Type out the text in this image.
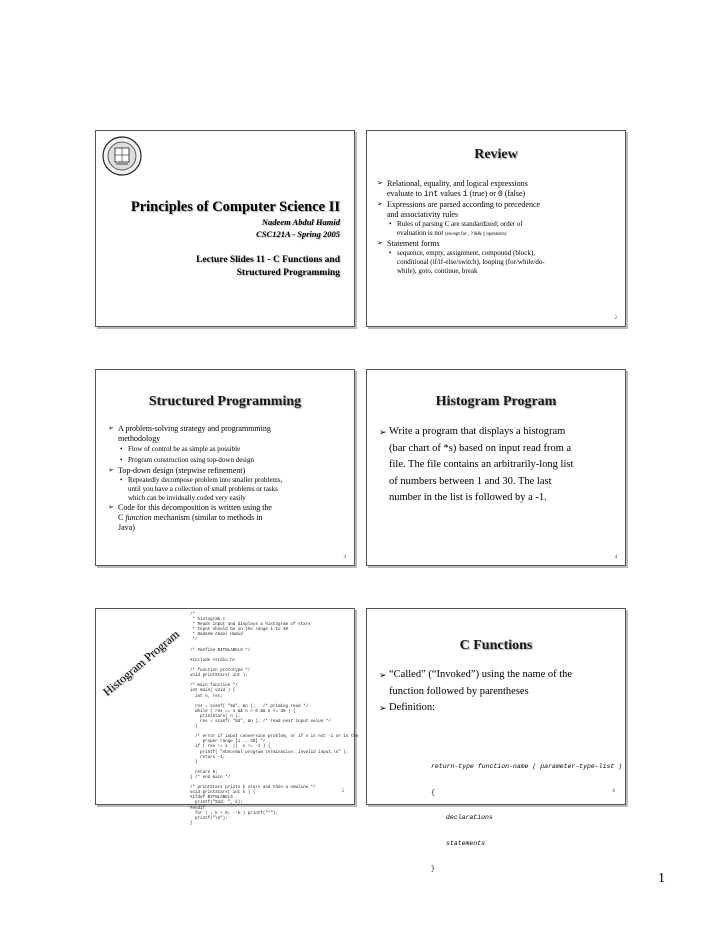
Principles of Computer Science II
Nadeem Abdul Hamid
CSC121A - Spring 2005
Lecture Slides 11 - C Functions and
Structured Programming
Review
➢ Relational, equality, and logical expressions
evaluate to int values 1 (true) or 0 (false)
➢ Expressions are parsed according to precedence
and associativity rules
• Rules of parsing C are standardized; order of
evaluation is not (except for , ? && || operators)
➢ Statement forms
• sequence, empty, assignment, compound (block),
conditional (if/if-else/switch), looping (for/while/do-
while), goto, continue, break
2
Structured Programming
➢ A problem-solving strategy and programmming
methodology
• Flow of control be as simple as possible
• Program construction using top-down design
➢ Top-down design (stepwise refinement)
• Repeatedly decompose problem into smaller problems,
until you have a collection of small problems or tasks
which can be invidually coded very easily
➢ Code for this decomposition is written using the
C function mechanism (similar to methods in
Java)
3
Histogram Program
➢ Write a program that displays a histogram
(bar chart of *s) based on input read from a
file. The file contains an arbitrarily-long list
of numbers between 1 and 30. The last
number in the list is followed by a -1.
4
Histogram Program
/*
* histogram.c
* Reads input and displays a histogram of stars
* Input should be in the range 1 to 30
* Nadeem Abdul Hamid
*/

/* #define BITNLABELS */

#include <stdio.h>

/* function prototype */
void printStars( int );

/* main function */
int main( void ) {
int n, res;

res = scanf( "%d", &n );   /* priming read */
while ( res == 1 && n > 0 && n <= 30 ) {
printStars( n );
res = scanf( "%d", &n ); /* read next input value */
}

/* error if input conversion problem, or if n is not -1 or in the
proper range [1 .. 30] */
if ( res != 1  ||  n != -1 ) {
printf( "Abnormal program termination: invalid input.\n" );
return -1;
}

return 0;
} /* end main */

/* printStars prints k stars and then a newline */
void printStars( int k ) {
#ifdef BITNLABELS
printf("%3d: ", k);
#endif
for ( ; k > 0; --k ) printf("*");
printf("\n");
}
5
C Functions
➢ “Called” (“Invoked”) using the name of the
function followed by parentheses
➢ Definition:

return-type function-name ( parameter-type-list )

{

declarations

statements

}

6
1
